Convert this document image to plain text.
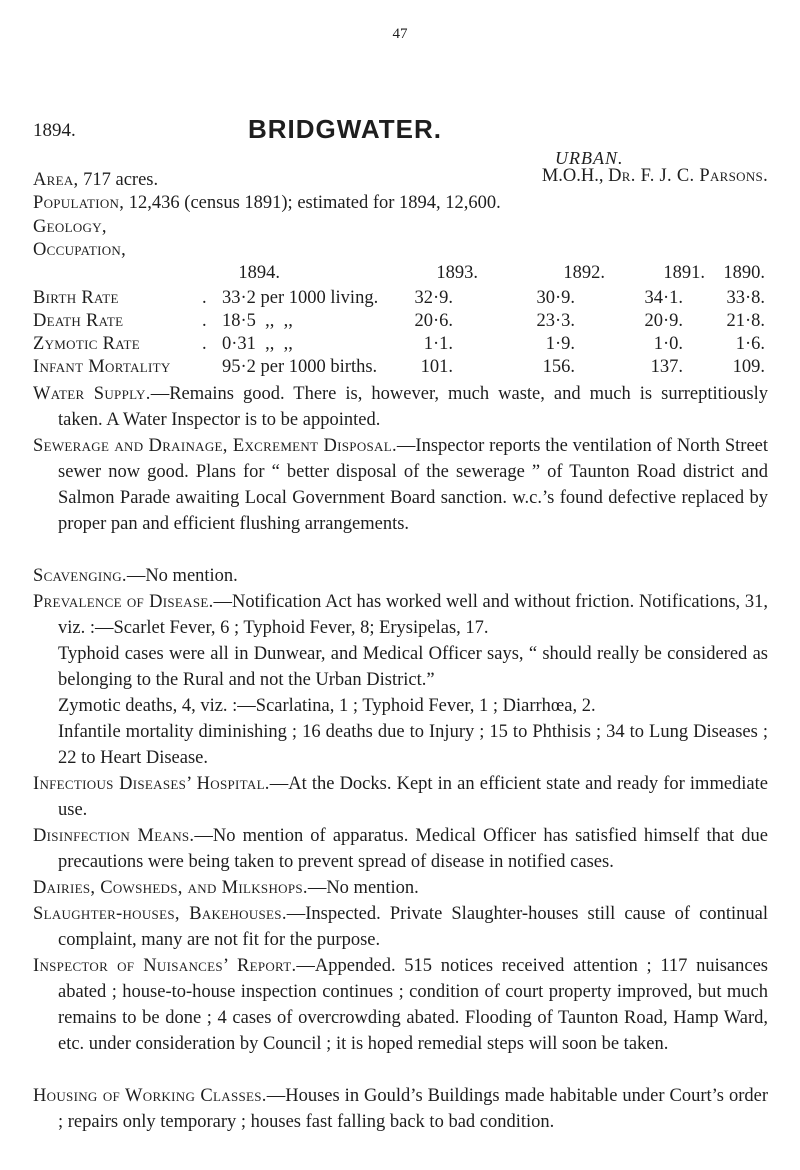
47
1894.	BRIDGWATER.
URBAN.
Area, 717 acres.	M.O.H., Dr. F. J. C. Parsons.
Population, 12,436 (census 1891); estimated for 1894, 12,600.
Geology,
Occupation,
1894.	1893.	1892.	1891. 1890.
Birth Rate	. 33·2 per 1000 living. 32·9.	30·9.	34·1. 33·8.
Death Rate	. 18·5  ,,  ,,	20·6.	23·3.	20·9. 21·8.
Zymotic Rate	. 0·31  ,,  ,,	1·1.	1·9.	1·0.	1·6.
Infant Mortality	95·2 per 1000 births. 101.	156.	137.	109.

Water Supply.—Remains good. There is, however, much waste, and much is surreptitiously taken. A Water Inspector is to be appointed.

Sewerage and Drainage, Excrement Disposal.—Inspector reports the ventilation of North Street sewer now good. Plans for “ better disposal of the sewerage ” of Taunton Road district and Salmon Parade awaiting Local Government Board sanction. w.c.’s found defective replaced by proper pan and efficient flushing arrangements.

Scavenging.—No mention.

Prevalence of Disease.—Notification Act has worked well and without friction. Notifications, 31, viz. :—Scarlet Fever, 6 ; Typhoid Fever, 8; Erysipelas, 17.

Typhoid cases were all in Dunwear, and Medical Officer says, “ should really be considered as belonging to the Rural and not the Urban District.”
Zymotic deaths, 4, viz. :—Scarlatina, 1 ; Typhoid Fever, 1 ; Diarrhœa, 2.
Infantile mortality diminishing ; 16 deaths due to Injury ; 15 to Phthisis ; 34 to Lung Diseases ; 22 to Heart Disease.

Infectious Diseases’ Hospital.—At the Docks. Kept in an efficient state and ready for immediate use.

Disinfection Means.—No mention of apparatus. Medical Officer has satisfied himself that due precautions were being taken to prevent spread of disease in notified cases.

Dairies, Cowsheds, and Milkshops.—No mention.

Slaughter-houses, Bakehouses.—Inspected. Private Slaughter-houses still cause of continual complaint, many are not fit for the purpose.

Inspector of Nuisances’ Report.—Appended. 515 notices received attention ; 117 nuisances abated ; house-to-house inspection continues ; condition of court property improved, but much remains to be done ; 4 cases of overcrowding abated. Flooding of Taunton Road, Hamp Ward, etc. under consideration by Council ; it is hoped remedial steps will soon be taken.

Housing of Working Classes.—Houses in Gould’s Buildings made habitable under Court’s order ; repairs only temporary ; houses fast falling back to bad condition.
